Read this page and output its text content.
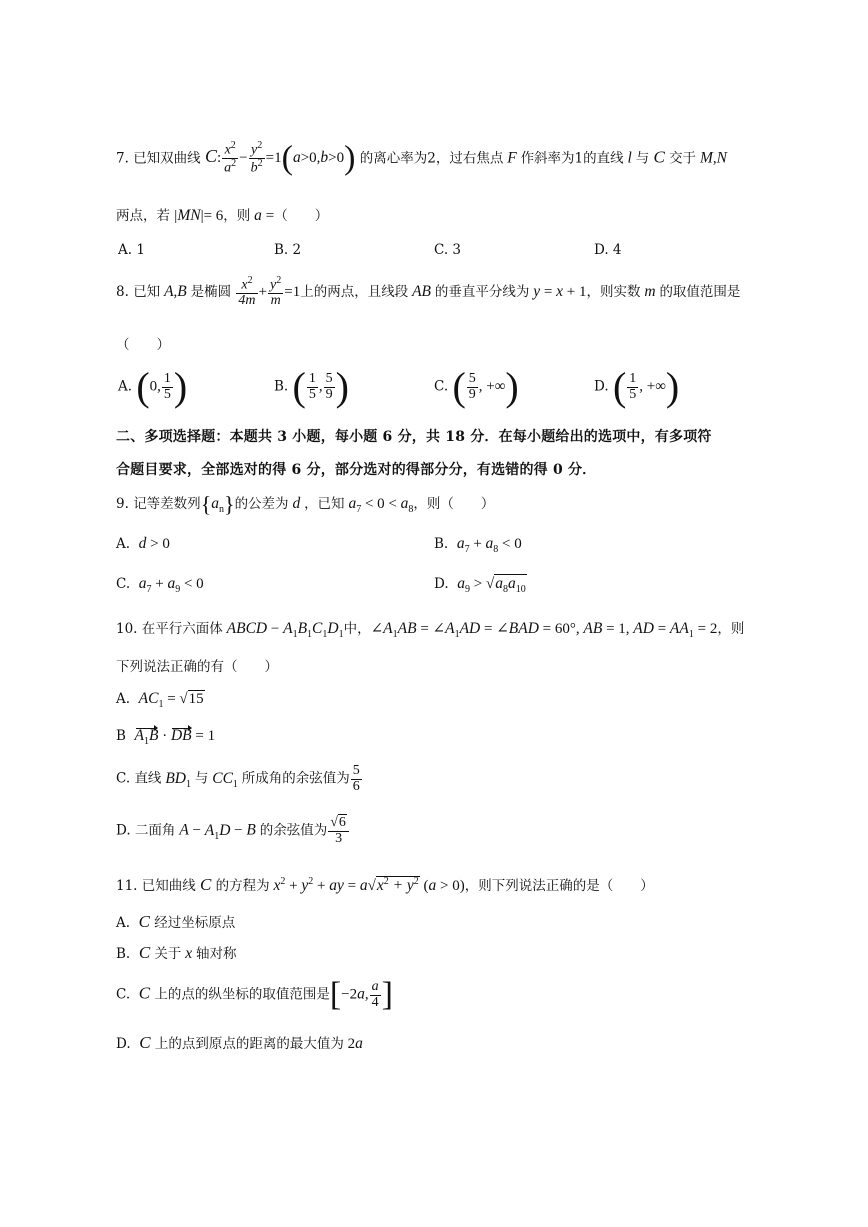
7. 已知双曲线 C: $\frac{x^2}{a^2} - \frac{y^2}{b^2} =1(a>0,b>0)$ 的离心率为2，过右焦点 F 作斜率为1的直线 l 与 C 交于 M,N
两点，若 |MN|= 6，则 a =（　　）
A. 1	B. 2	C. 3	D. 4
8. 已知 A,B 是椭圆 $\frac{x^2}{4m} + \frac{y^2}{m} =1$上的两点，且线段 AB 的垂直平分线为 y = x + 1，则实数 m 的取值范围是
（　　）
A. (0, $\frac{1}{5}$ )	B. ( $\frac{1}{5}$ , $\frac{5}{9}$ )	C. ( $\frac{5}{9}$ , +∞)	D. ( $\frac{1}{5}$ , +∞)
二、多项选择题：本题共 3 小题，每小题 6 分，共 18 分．在每小题给出的选项中，有多项符
合题目要求，全部选对的得 6 分，部分选对的得部分分，有选错的得 0 分．
9. 记等差数列$\{a_n\}$的公差为 d ，已知 $a_7 < 0 < a_8$，则（　　）
A. d > 0	B. $a_7 + a_8 < 0$
C. $a_7 + a_9 < 0$	D. $a_9 > √a_8a_{10}$
10. 在平行六面体 ABCD − $A_1B_1C_1D_1$中，$\angle A_1AB$ = $\angle A_1AD$ = ∠BAD = 60°, AB = 1, AD = $AA_1 = 2$，则
下列说法正确的有（　　）
A. $AC_1 = √15$
B $A_1B$ · DB = 1
C. 直线 $BD_1$ 与 $CC_1$ 所成角的余弦值为 $\frac{5}{6}$
D. 二面角 $A - A_1D - B$ 的余弦值为 $\frac{√6}{3}$
11. 已知曲线 C 的方程为 $x^2 + y^2$ + ay = $a√x^2 + y^2$ (a > 0)，则下列说法正确的是（　　）
A. C 经过坐标原点
B. C 关于 x 轴对称
C. C 上的点的纵坐标的取值范围是[−2a, $\frac{a}{4}$ ]
D. C 上的点到原点的距离的最大值为 2a
